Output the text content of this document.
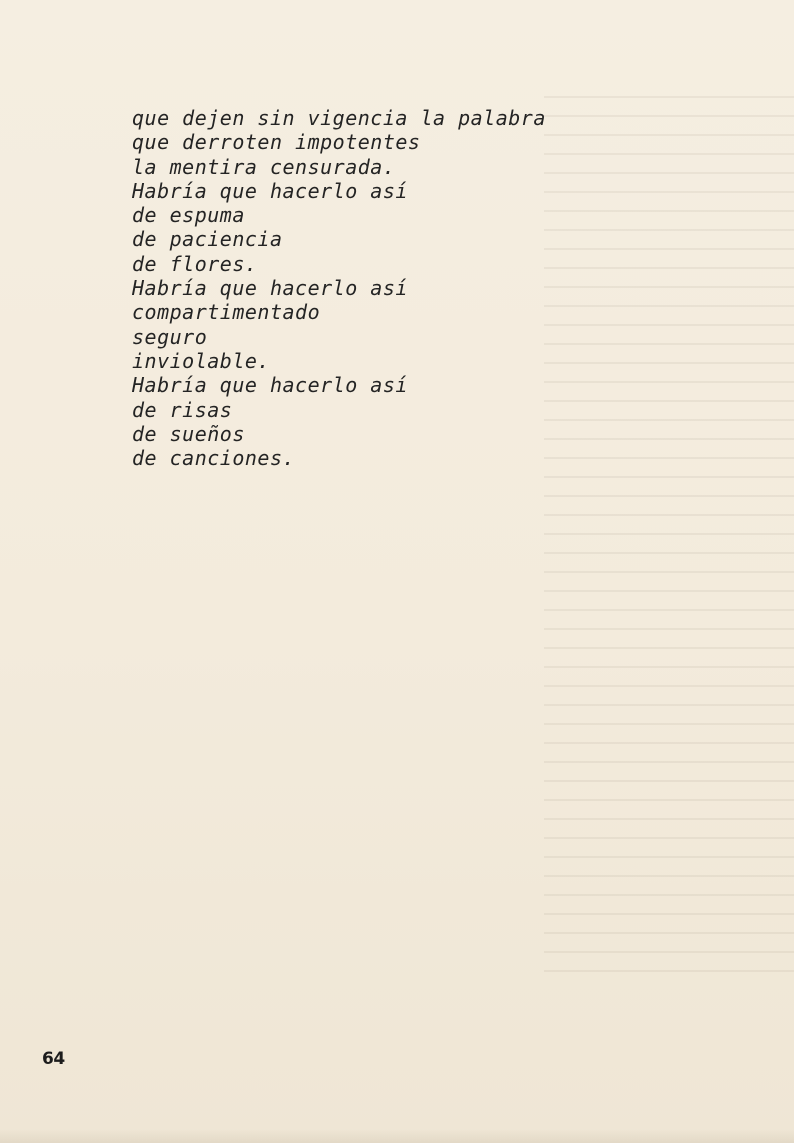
que dejen sin vigencia la palabra
que derroten impotentes
la mentira censurada.
Habría que hacerlo así
de espuma
de paciencia
de flores.
Habría que hacerlo así
compartimentado
seguro
inviolable.
Habría que hacerlo así
de risas
de sueños
de canciones.
64
